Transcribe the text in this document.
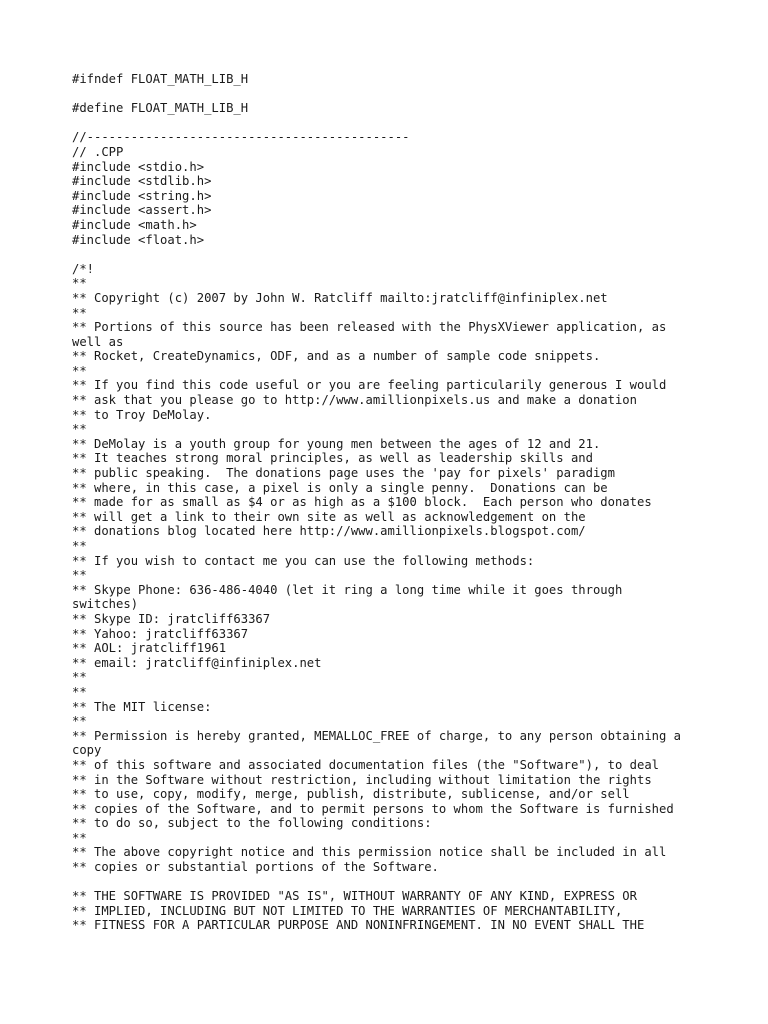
#ifndef FLOAT_MATH_LIB_H
#define FLOAT_MATH_LIB_H
//--------------------------------------------
// .CPP
#include <stdio.h>
#include <stdlib.h>
#include <string.h>
#include <assert.h>
#include <math.h>
#include <float.h>
/*!
**
** Copyright (c) 2007 by John W. Ratcliff mailto:jratcliff@infiniplex.net
**
** Portions of this source has been released with the PhysXViewer application, as
well as
** Rocket, CreateDynamics, ODF, and as a number of sample code snippets.
**
** If you find this code useful or you are feeling particularily generous I would
** ask that you please go to http://www.amillionpixels.us and make a donation
** to Troy DeMolay.
**
** DeMolay is a youth group for young men between the ages of 12 and 21.
** It teaches strong moral principles, as well as leadership skills and
** public speaking.  The donations page uses the 'pay for pixels' paradigm
** where, in this case, a pixel is only a single penny.  Donations can be
** made for as small as $4 or as high as a $100 block.  Each person who donates
** will get a link to their own site as well as acknowledgement on the
** donations blog located here http://www.amillionpixels.blogspot.com/
**
** If you wish to contact me you can use the following methods:
**
** Skype Phone: 636-486-4040 (let it ring a long time while it goes through
switches)
** Skype ID: jratcliff63367
** Yahoo: jratcliff63367
** AOL: jratcliff1961
** email: jratcliff@infiniplex.net
**
**
** The MIT license:
**
** Permission is hereby granted, MEMALLOC_FREE of charge, to any person obtaining a
copy
** of this software and associated documentation files (the "Software"), to deal
** in the Software without restriction, including without limitation the rights
** to use, copy, modify, merge, publish, distribute, sublicense, and/or sell
** copies of the Software, and to permit persons to whom the Software is furnished
** to do so, subject to the following conditions:
**
** The above copyright notice and this permission notice shall be included in all
** copies or substantial portions of the Software.
** THE SOFTWARE IS PROVIDED "AS IS", WITHOUT WARRANTY OF ANY KIND, EXPRESS OR
** IMPLIED, INCLUDING BUT NOT LIMITED TO THE WARRANTIES OF MERCHANTABILITY,
** FITNESS FOR A PARTICULAR PURPOSE AND NONINFRINGEMENT. IN NO EVENT SHALL THE
